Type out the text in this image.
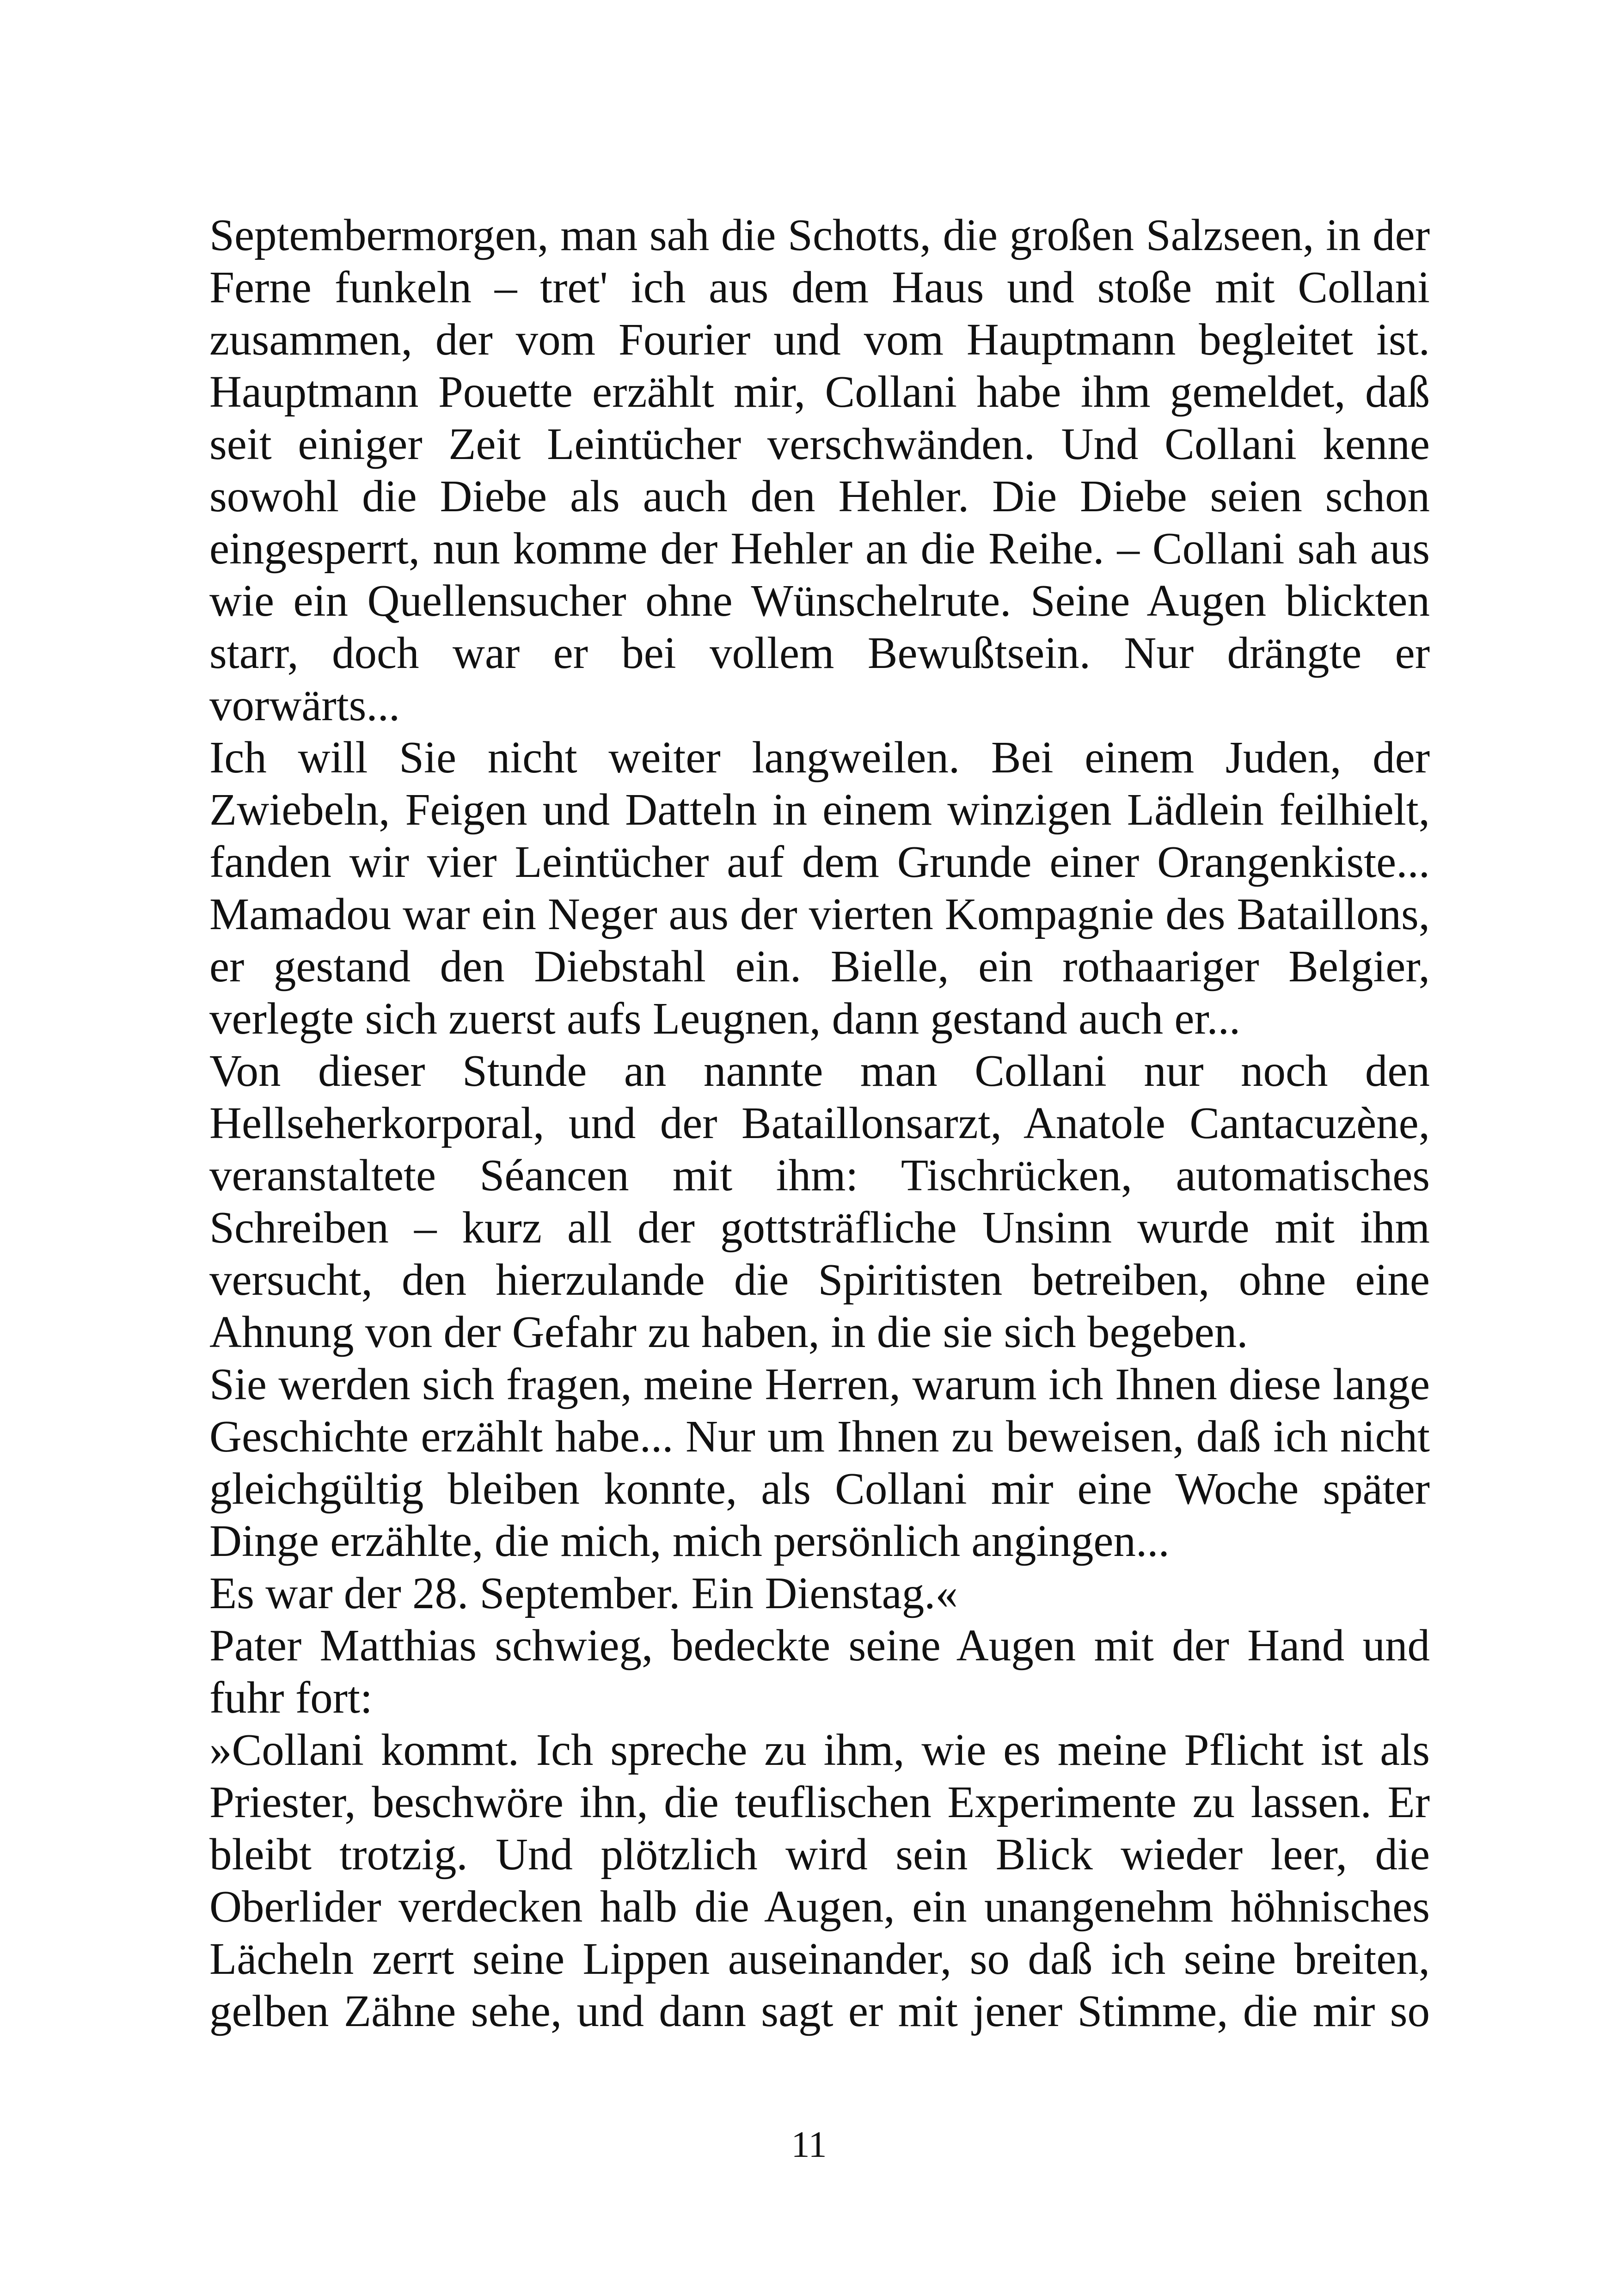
Septembermorgen, man sah die Schotts, die großen Salzseen, in der Ferne funkeln – tret' ich aus dem Haus und stoße mit Collani zusammen, der vom Fourier und vom Hauptmann begleitet ist. Hauptmann Pouette erzählt mir, Collani habe ihm gemeldet, daß seit einiger Zeit Leintücher verschwänden. Und Collani kenne sowohl die Diebe als auch den Hehler. Die Diebe seien schon eingesperrt, nun komme der Hehler an die Reihe. – Collani sah aus wie ein Quellensucher ohne Wünschelrute. Seine Augen blickten starr, doch war er bei vollem Bewußtsein. Nur drängte er vorwärts...

Ich will Sie nicht weiter langweilen. Bei einem Juden, der Zwiebeln, Feigen und Datteln in einem winzigen Lädlein feilhielt, fanden wir vier Leintücher auf dem Grunde einer Orangenkiste... Mamadou war ein Neger aus der vierten Kompagnie des Bataillons, er gestand den Diebstahl ein. Bielle, ein rothaariger Belgier, verlegte sich zuerst aufs Leugnen, dann gestand auch er...

Von dieser Stunde an nannte man Collani nur noch den Hellseherkorporal, und der Bataillonsarzt, Anatole Cantacuzène, veranstaltete Séancen mit ihm: Tischrücken, automatisches Schreiben – kurz all der gottsträfliche Unsinn wurde mit ihm versucht, den hierzulande die Spiritisten betreiben, ohne eine Ahnung von der Gefahr zu haben, in die sie sich begeben.

Sie werden sich fragen, meine Herren, warum ich Ihnen diese lange Geschichte erzählt habe... Nur um Ihnen zu beweisen, daß ich nicht gleichgültig bleiben konnte, als Collani mir eine Woche später Dinge erzählte, die mich, mich persönlich angingen...

Es war der 28. September. Ein Dienstag.«

Pater Matthias schwieg, bedeckte seine Augen mit der Hand und fuhr fort:

»Collani kommt. Ich spreche zu ihm, wie es meine Pflicht ist als Priester, beschwöre ihn, die teuflischen Experimente zu lassen. Er bleibt trotzig. Und plötzlich wird sein Blick wieder leer, die Oberlider verdecken halb die Augen, ein unangenehm höhnisches Lächeln zerrt seine Lippen auseinander, so daß ich seine breiten, gelben Zähne sehe, und dann sagt er mit jener Stimme, die mir so

11
